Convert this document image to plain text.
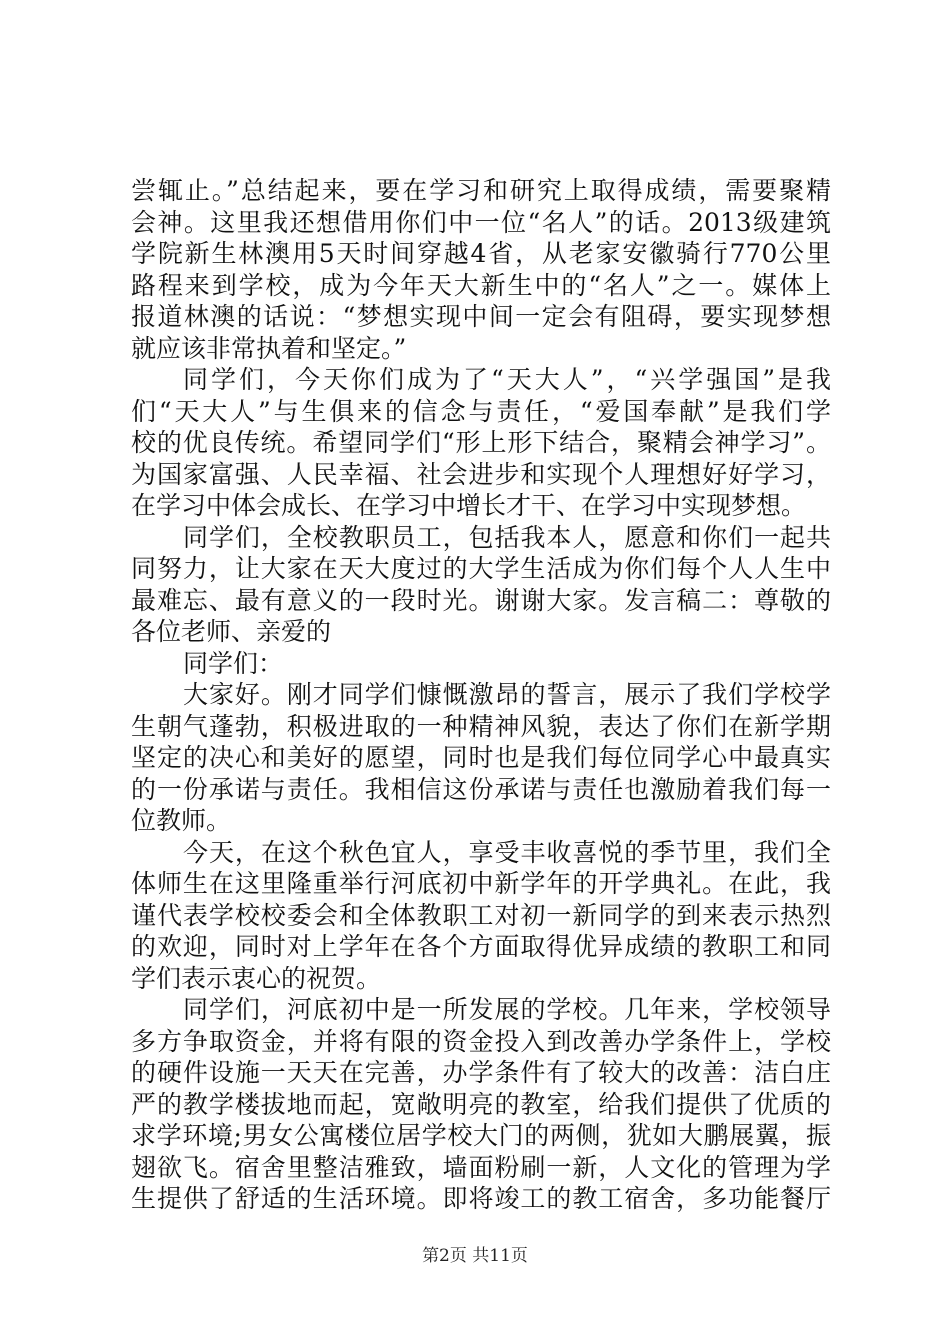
尝辄止。”总结起来，要在学习和研究上取得成绩，需要聚精
会神。这里我还想借用你们中一位“名人”的话。2013级建筑
学院新生林澳用5天时间穿越4省，从老家安徽骑行770公里
路程来到学校，成为今年天大新生中的“名人”之一。媒体上
报道林澳的话说：“梦想实现中间一定会有阻碍，要实现梦想
就应该非常执着和坚定。”
同学们，今天你们成为了“天大人”，“兴学强国”是我
们“天大人”与生俱来的信念与责任，“爱国奉献”是我们学
校的优良传统。希望同学们“形上形下结合，聚精会神学习”。
为国家富强、人民幸福、社会进步和实现个人理想好好学习，
在学习中体会成长、在学习中增长才干、在学习中实现梦想。
同学们，全校教职员工，包括我本人，愿意和你们一起共
同努力，让大家在天大度过的大学生活成为你们每个人人生中
最难忘、最有意义的一段时光。谢谢大家。发言稿二：尊敬的
各位老师、亲爱的
同学们：
大家好。刚才同学们慷慨激昂的誓言，展示了我们学校学
生朝气蓬勃，积极进取的一种精神风貌，表达了你们在新学期
坚定的决心和美好的愿望，同时也是我们每位同学心中最真实
的一份承诺与责任。我相信这份承诺与责任也激励着我们每一
位教师。
今天，在这个秋色宜人，享受丰收喜悦的季节里，我们全
体师生在这里隆重举行河底初中新学年的开学典礼。在此，我
谨代表学校校委会和全体教职工对初一新同学的到来表示热烈
的欢迎，同时对上学年在各个方面取得优异成绩的教职工和同
学们表示衷心的祝贺。
同学们，河底初中是一所发展的学校。几年来，学校领导
多方争取资金，并将有限的资金投入到改善办学条件上，学校
的硬件设施一天天在完善，办学条件有了较大的改善：洁白庄
严的教学楼拔地而起，宽敞明亮的教室，给我们提供了优质的
求学环境;男女公寓楼位居学校大门的两侧，犹如大鹏展翼，振
翅欲飞。宿舍里整洁雅致，墙面粉刷一新，人文化的管理为学
生提供了舒适的生活环境。即将竣工的教工宿舍，多功能餐厅
第2页 共11页
